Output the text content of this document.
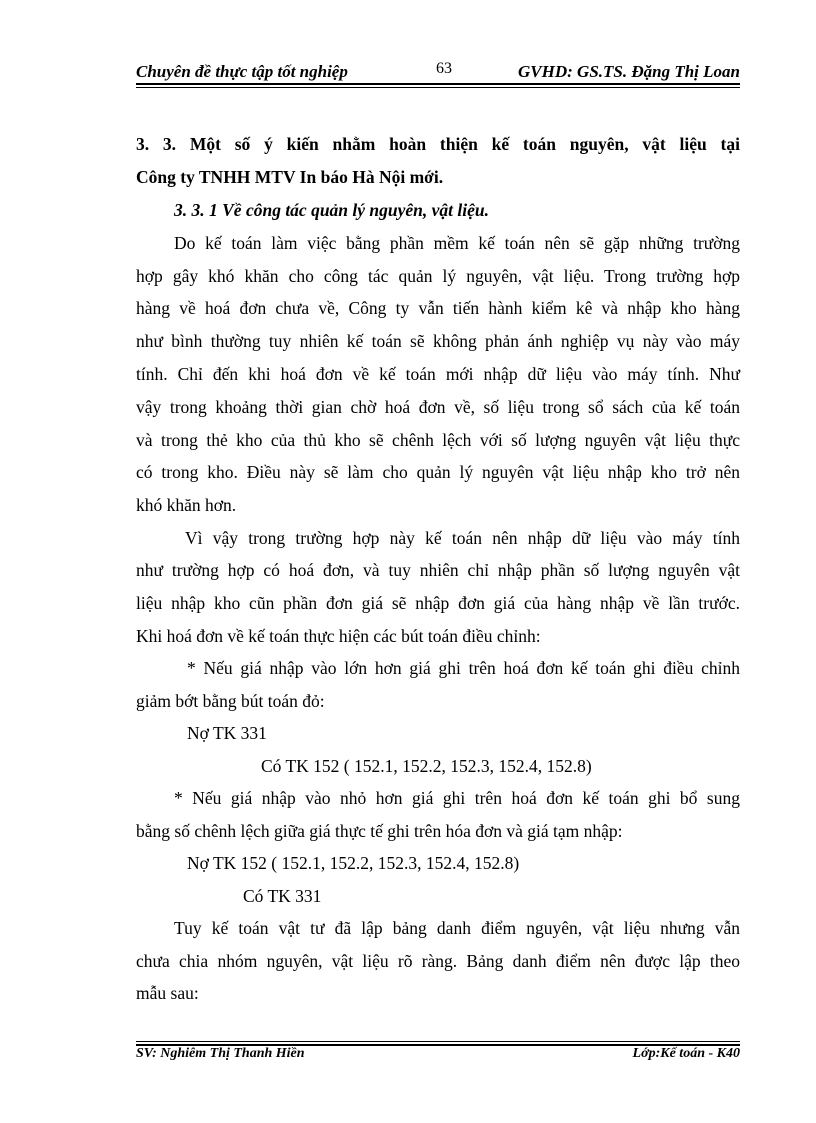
Chuyên đề thực tập tốt nghiệp	63	GVHD: GS.TS. Đặng Thị Loan
3. 3. Một số ý kiến nhằm hoàn thiện kế toán nguyên, vật liệu tại
Công ty TNHH MTV In báo Hà Nội mới.
3. 3. 1 Về công tác quản lý nguyên, vật liệu.
Do kế toán làm việc bằng phần mềm kế toán nên sẽ gặp những trường
hợp gây khó khăn cho công tác quản lý nguyên, vật liệu. Trong trường hợp
hàng về hoá đơn chưa về, Công ty vẫn tiến hành kiểm kê và nhập kho hàng
như bình thường tuy nhiên kế toán sẽ không phản ánh nghiệp vụ này vào máy
tính. Chỉ đến khi hoá đơn về kế toán mới nhập dữ liệu vào máy tính. Như
vậy trong khoảng thời gian chờ hoá đơn về, số liệu trong sổ sách của kế toán
và trong thẻ kho của thủ kho sẽ chênh lệch với số lượng nguyên vật liệu thực
có trong kho. Điều này sẽ làm cho quản lý nguyên vật liệu nhập kho trở nên
khó khăn hơn.
Vì vậy trong trường hợp này kế toán nên nhập dữ liệu vào máy tính
như trường hợp có hoá đơn, và tuy nhiên chỉ nhập phần số lượng nguyên vật
liệu nhập kho cũn phần đơn giá sẽ nhập đơn giá của hàng nhập về lần trước.
Khi hoá đơn về kế toán thực hiện các bút toán điều chỉnh:
* Nếu giá nhập vào lớn hơn giá ghi trên hoá đơn kế toán ghi điều chỉnh
giảm bớt bằng bút toán đỏ:
Nợ TK 331
Có TK 152 ( 152.1, 152.2, 152.3, 152.4, 152.8)
* Nếu giá nhập vào nhỏ hơn giá ghi trên hoá đơn kế toán ghi bổ sung
bằng số chênh lệch giữa giá thực tế ghi trên hóa đơn và giá tạm nhập:
Nợ TK 152 ( 152.1, 152.2, 152.3, 152.4, 152.8)
Có TK 331
Tuy kế toán vật tư đã lập bảng danh điểm nguyên, vật liệu nhưng vẫn
chưa chia nhóm nguyên, vật liệu rõ ràng. Bảng danh điểm nên được lập theo
mẫu sau:
SV: Nghiêm Thị Thanh Hiền	Lớp:Kế toán - K40
